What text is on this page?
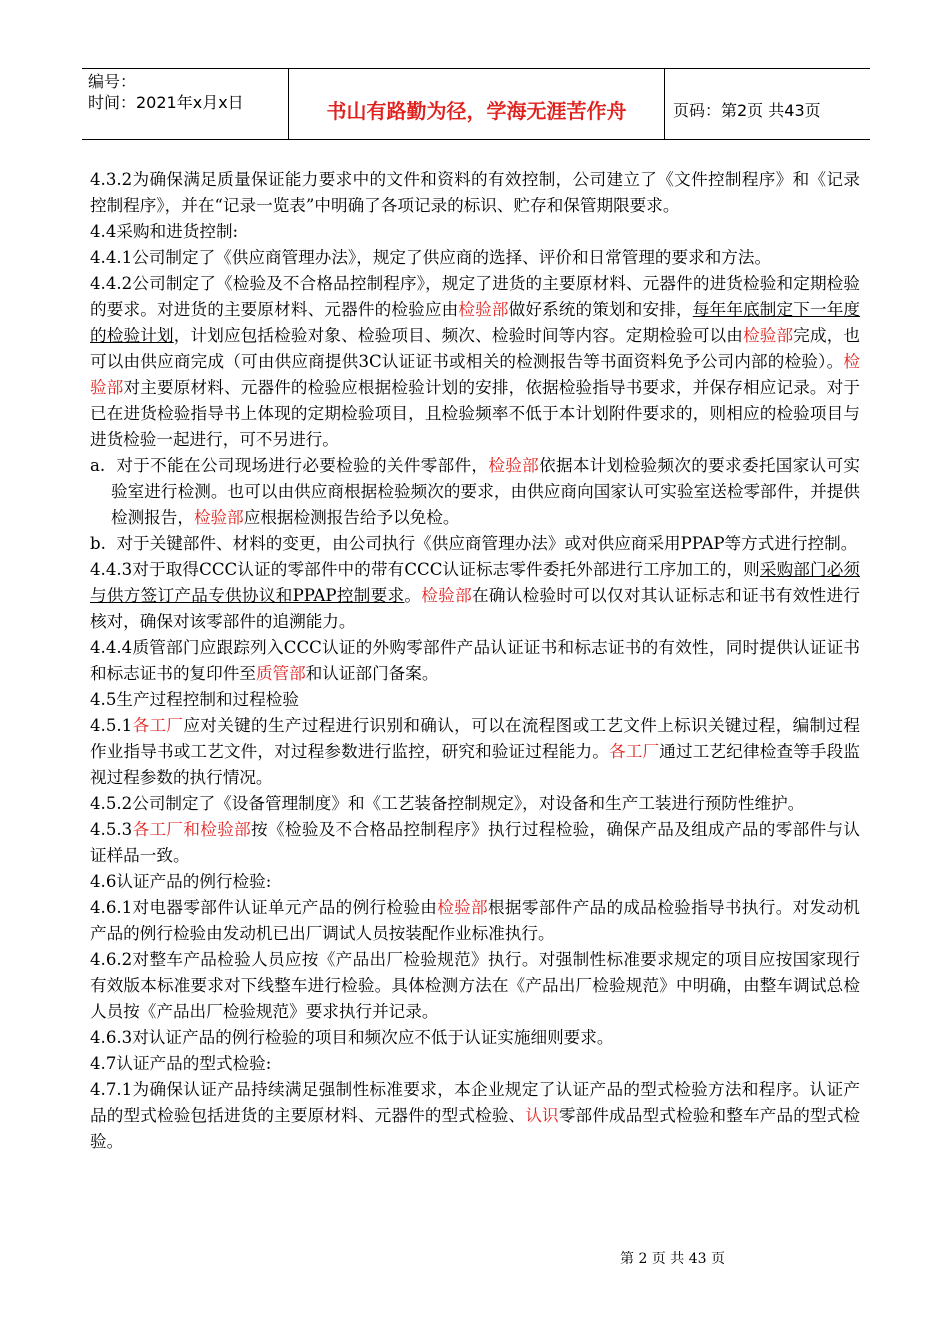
编号：
时间：2021年x月x日	书山有路勤为径，学海无涯苦作舟	页码：第2页 共43页

4.3.2为确保满足质量保证能力要求中的文件和资料的有效控制，公司建立了《文件控制程序》和《记录控制程序》，并在“记录一览表”中明确了各项记录的标识、贮存和保管期限要求。

4.4采购和进货控制:

4.4.1公司制定了《供应商管理办法》，规定了供应商的选择、评价和日常管理的要求和方法。

4.4.2公司制定了《检验及不合格品控制程序》，规定了进货的主要原材料、元器件的进货检验和定期检验的要求。对进货的主要原材料、元器件的检验应由检验部做好系统的策划和安排，每年年底制定下一年度的检验计划，计划应包括检验对象、检验项目、频次、检验时间等内容。定期检验可以由检验部完成，也可以由供应商完成（可由供应商提供3C认证证书或相关的检测报告等书面资料免予公司内部的检验）。检验部对主要原材料、元器件的检验应根据检验计划的安排，依据检验指导书要求，并保存相应记录。对于已在进货检验指导书上体现的定期检验项目，且检验频率不低于本计划附件要求的，则相应的检验项目与进货检验一起进行，可不另进行。

a.  对于不能在公司现场进行必要检验的关件零部件，检验部依据本计划检验频次的要求委托国家认可实验室进行检测。也可以由供应商根据检验频次的要求，由供应商向国家认可实验室送检零部件，并提供检测报告，检验部应根据检测报告给予以免检。

b.  对于关键部件、材料的变更，由公司执行《供应商管理办法》或对供应商采用PPAP等方式进行控制。

4.4.3对于取得CCC认证的零部件中的带有CCC认证标志零件委托外部进行工序加工的，则采购部门必须与供方签订产品专供协议和PPAP控制要求。检验部在确认检验时可以仅对其认证标志和证书有效性进行核对，确保对该零部件的追溯能力。

4.4.4质管部门应跟踪列入CCC认证的外购零部件产品认证证书和标志证书的有效性，同时提供认证证书和标志证书的复印件至质管部和认证部门备案。

4.5生产过程控制和过程检验

4.5.1各工厂应对关键的生产过程进行识别和确认，可以在流程图或工艺文件上标识关键过程，编制过程作业指导书或工艺文件，对过程参数进行监控，研究和验证过程能力。各工厂通过工艺纪律检查等手段监视过程参数的执行情况。

4.5.2公司制定了《设备管理制度》和《工艺装备控制规定》，对设备和生产工装进行预防性维护。

4.5.3各工厂和检验部按《检验及不合格品控制程序》执行过程检验，确保产品及组成产品的零部件与认证样品一致。

4.6认证产品的例行检验:

4.6.1对电器零部件认证单元产品的例行检验由检验部根据零部件产品的成品检验指导书执行。对发动机产品的例行检验由发动机已出厂调试人员按装配作业标准执行。

4.6.2对整车产品检验人员应按《产品出厂检验规范》执行。对强制性标准要求规定的项目应按国家现行有效版本标准要求对下线整车进行检验。具体检测方法在《产品出厂检验规范》中明确，由整车调试总检人员按《产品出厂检验规范》要求执行并记录。

4.6.3对认证产品的例行检验的项目和频次应不低于认证实施细则要求。

4.7认证产品的型式检验:

4.7.1为确保认证产品持续满足强制性标准要求，本企业规定了认证产品的型式检验方法和程序。认证产品的型式检验包括进货的主要原材料、元器件的型式检验、认识零部件成品型式检验和整车产品的型式检验。

第 2 页 共 43 页
